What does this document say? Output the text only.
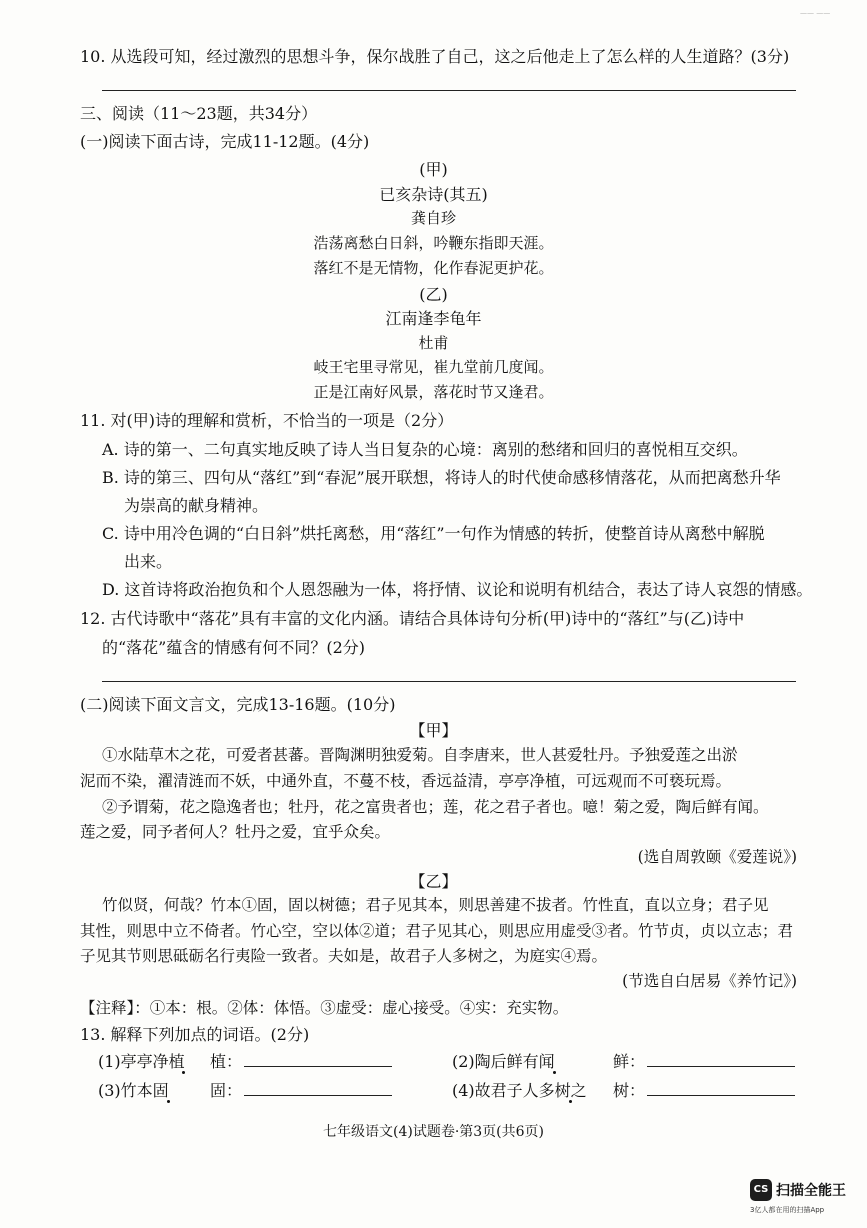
—— ——
10. 从选段可知，经过激烈的思想斗争，保尔战胜了自己，这之后他走上了怎么样的人生道路？(3分)
三、阅读（11～23题，共34分）
(一)阅读下面古诗，完成11-12题。(4分)
(甲)
已亥杂诗(其五)
龚自珍
浩荡离愁白日斜，吟鞭东指即天涯。
落红不是无情物，化作春泥更护花。
(乙)
江南逢李龟年
杜甫
岐王宅里寻常见，崔九堂前几度闻。
正是江南好风景，落花时节又逢君。
11. 对(甲)诗的理解和赏析，不恰当的一项是（2分）
A. 诗的第一、二句真实地反映了诗人当日复杂的心境：离别的愁绪和回归的喜悦相互交织。
B. 诗的第三、四句从“落红”到“春泥”展开联想，将诗人的时代使命感移情落花，从而把离愁升华
为崇高的献身精神。
C. 诗中用冷色调的“白日斜”烘托离愁，用“落红”一句作为情感的转折，使整首诗从离愁中解脱
出来。
D. 这首诗将政治抱负和个人恩怨融为一体，将抒情、议论和说明有机结合，表达了诗人哀怨的情感。
12. 古代诗歌中“落花”具有丰富的文化内涵。请结合具体诗句分析(甲)诗中的“落红”与(乙)诗中
的“落花”蕴含的情感有何不同？(2分)
(二)阅读下面文言文，完成13-16题。(10分)
【甲】
①水陆草木之花，可爱者甚蕃。晋陶渊明独爱菊。自李唐来，世人甚爱牡丹。予独爱莲之出淤
泥而不染，濯清涟而不妖，中通外直，不蔓不枝，香远益清，亭亭净植，可远观而不可亵玩焉。
②予谓菊，花之隐逸者也；牡丹，花之富贵者也；莲，花之君子者也。噫！菊之爱，陶后鲜有闻。
莲之爱，同予者何人？牡丹之爱，宜乎众矣。
(选自周敦颐《爱莲说》)
【乙】
竹似贤，何哉？竹本①固，固以树德；君子见其本，则思善建不拔者。竹性直，直以立身；君子见
其性，则思中立不倚者。竹心空，空以体②道；君子见其心，则思应用虚受③者。竹节贞，贞以立志；君
子见其节则思砥砺名行夷险一致者。夫如是，故君子人多树之，为庭实④焉。
(节选自白居易《养竹记》)
【注释】：①本：根。②体：体悟。③虚受：虚心接受。④实：充实物。
13. 解释下列加点的词语。(2分)
(1)亭亭净植 植：	(2)陶后鲜有闻	鲜：
(3)竹本固	固：	(4)故君子人多树之 树：
七年级语文(4)试题卷·第3页(共6页)
CS 扫描全能王
3亿人都在用的扫描App
